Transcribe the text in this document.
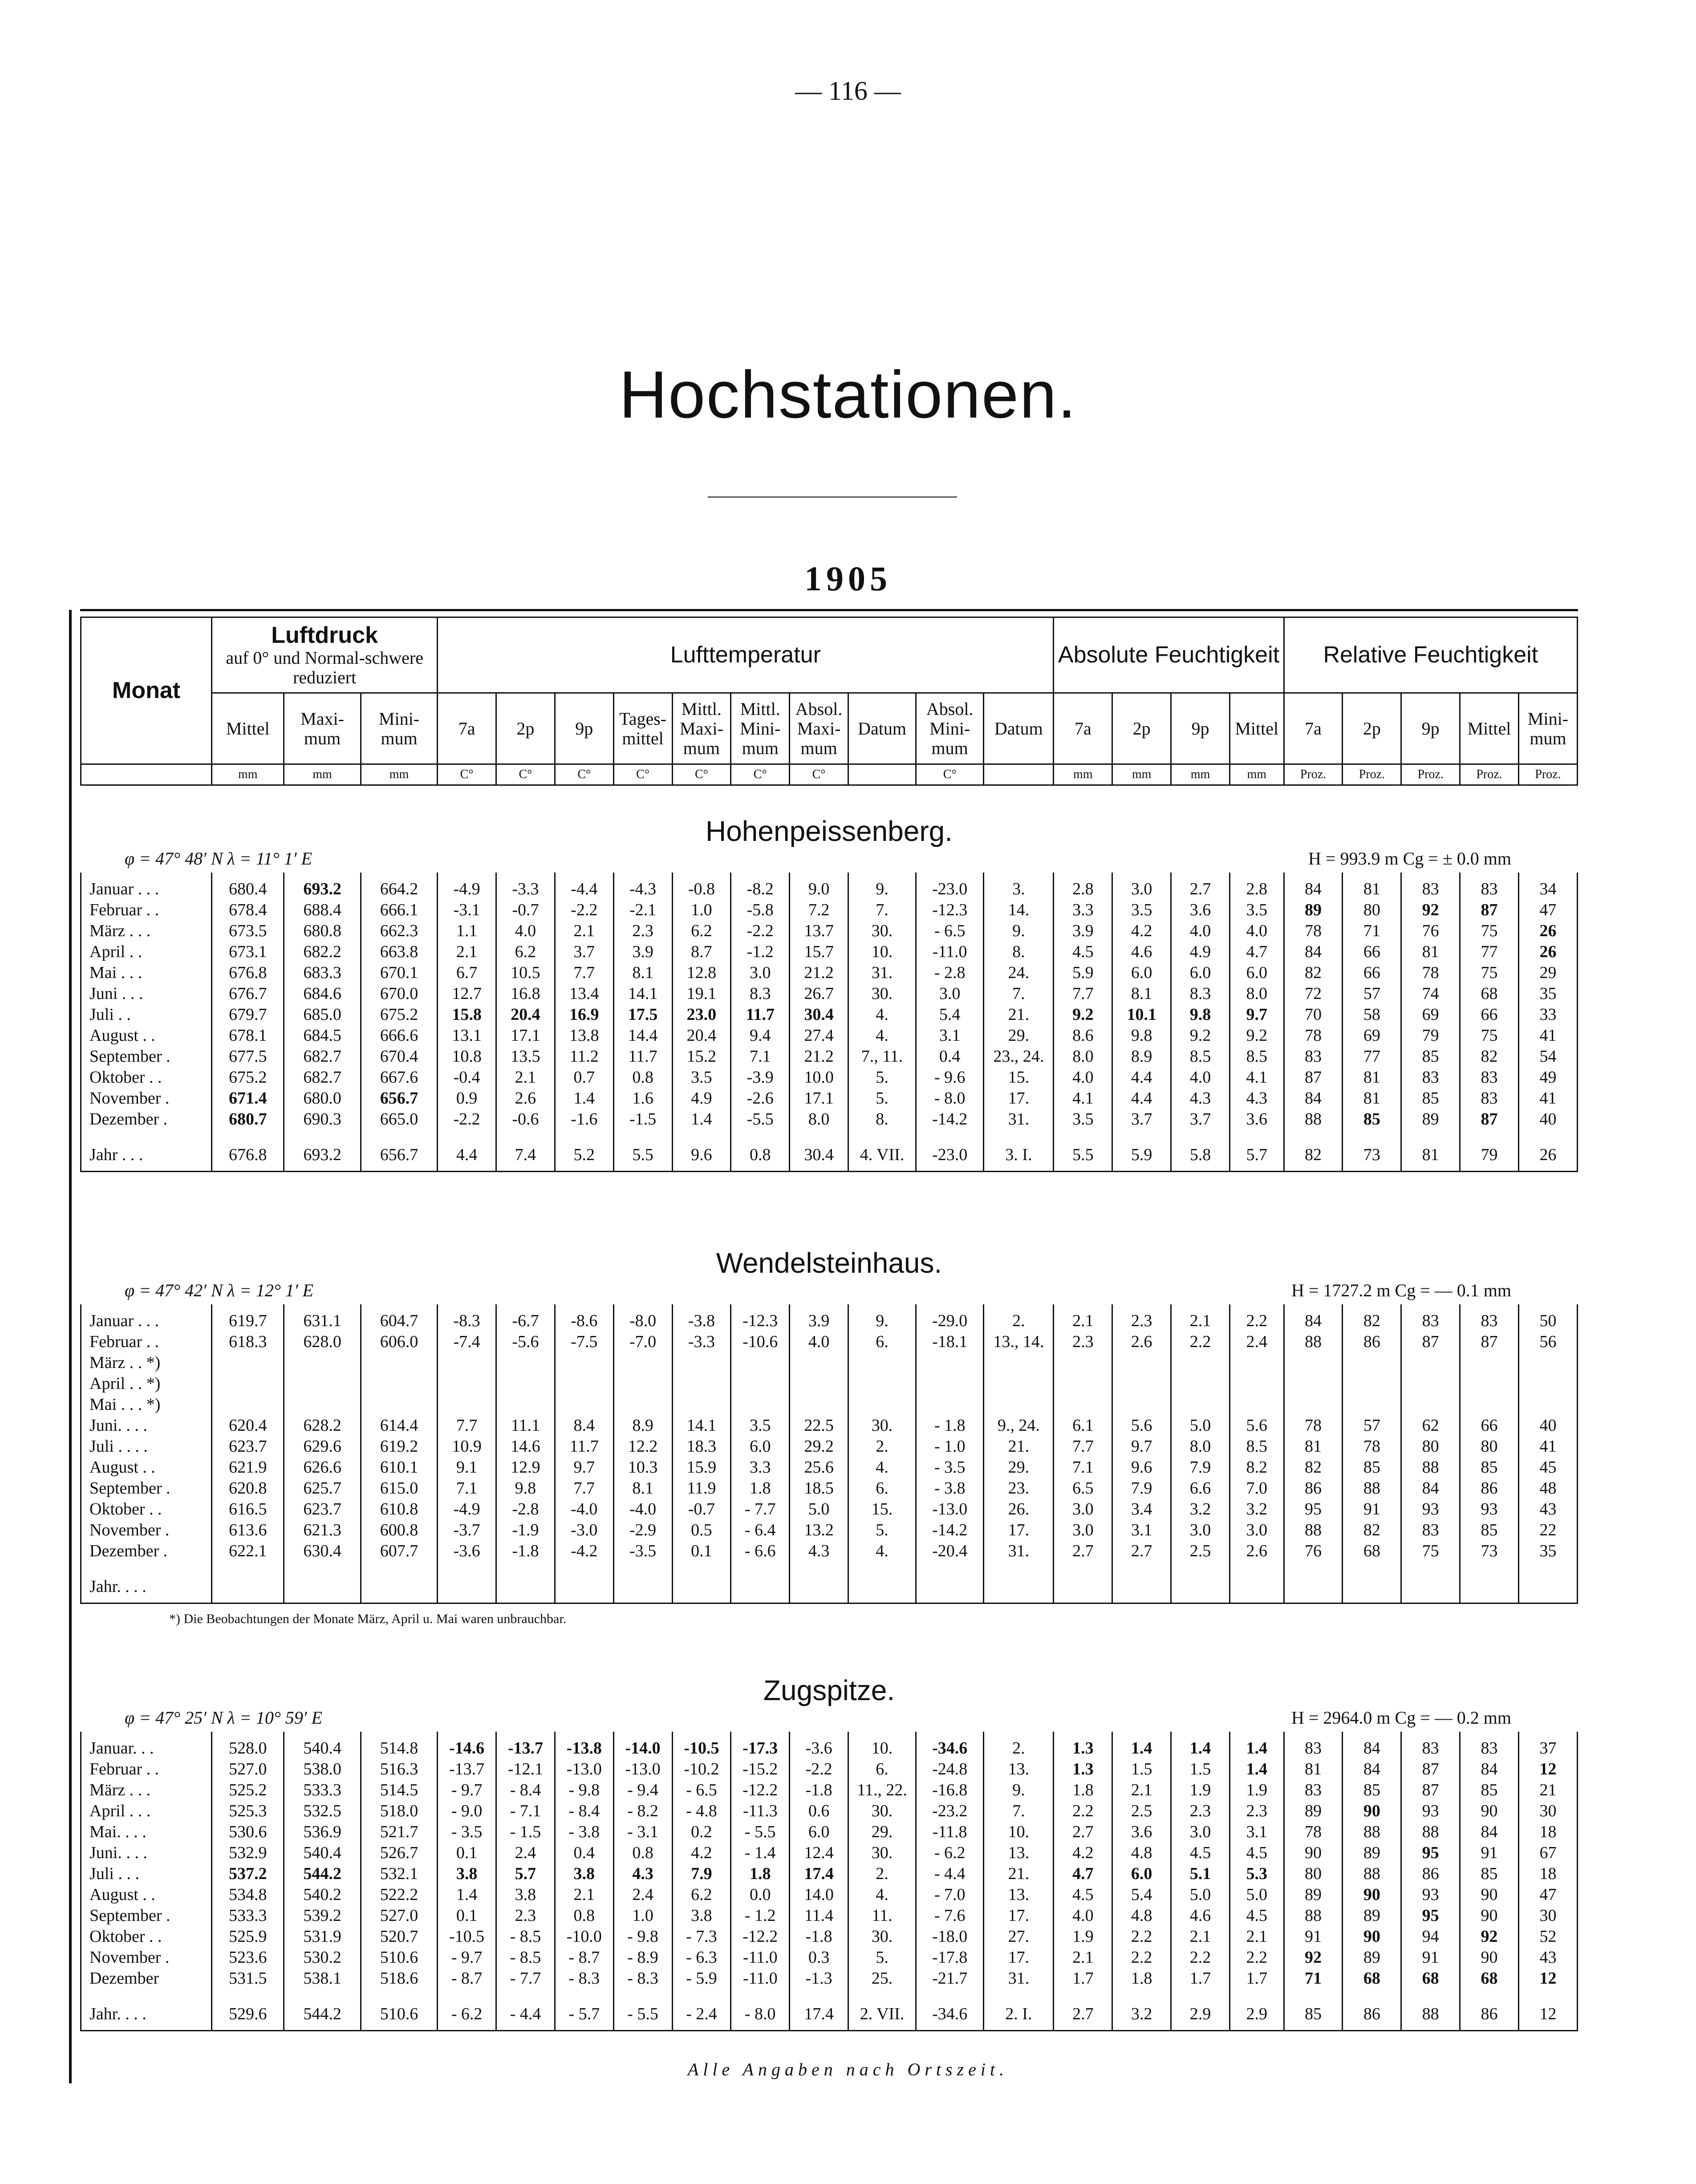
— 116 —
Hochstationen.
1905
Monat	Luftdruck
auf 0° und Normal-schwere reduziert			Lufttemperatur										Absolute Feuchtigkeit				Relative Feuchtigkeit				
	Mittel	Maxi-mum	Mini-mum	7a	2p	9p	Tages-mittel	Mittl. Maxi-mum	Mittl. Mini-mum	Absol. Maxi-mum	Datum	Absol. Mini-mum	Datum	7a	2p	9p	Mittel	7a	2p	9p	Mittel	Mini-mum
	mm	mm	mm	C°	C°	C°	C°	C°	C°	C°		C°		mm	mm	mm	mm	Proz.	Proz.	Proz.	Proz.	Proz.
Hohenpeissenberg.
φ = 47° 48′ N λ = 11° 1′ E	H = 993.9 m Cg = ± 0.0 mm
Januar . . .	680.4	693.2	664.2	-4.9	-3.3	-4.4	-4.3	-0.8	-8.2	9.0	9.	-23.0	3.	2.8	3.0	2.7	2.8	84	81	83	83	34
Februar . .	678.4	688.4	666.1	-3.1	-0.7	-2.2	-2.1	1.0	-5.8	7.2	7.	-12.3	14.	3.3	3.5	3.6	3.5	89	80	92	87	47
März . . .	673.5	680.8	662.3	1.1	4.0	2.1	2.3	6.2	-2.2	13.7	30.	- 6.5	9.	3.9	4.2	4.0	4.0	78	71	76	75	26
April . .	673.1	682.2	663.8	2.1	6.2	3.7	3.9	8.7	-1.2	15.7	10.	-11.0	8.	4.5	4.6	4.9	4.7	84	66	81	77	26
Mai . . .	676.8	683.3	670.1	6.7	10.5	7.7	8.1	12.8	3.0	21.2	31.	- 2.8	24.	5.9	6.0	6.0	6.0	82	66	78	75	29
Juni . . .	676.7	684.6	670.0	12.7	16.8	13.4	14.1	19.1	8.3	26.7	30.	3.0	7.	7.7	8.1	8.3	8.0	72	57	74	68	35
Juli . .	679.7	685.0	675.2	15.8	20.4	16.9	17.5	23.0	11.7	30.4	4.	5.4	21.	9.2	10.1	9.8	9.7	70	58	69	66	33
August . .	678.1	684.5	666.6	13.1	17.1	13.8	14.4	20.4	9.4	27.4	4.	3.1	29.	8.6	9.8	9.2	9.2	78	69	79	75	41
September .	677.5	682.7	670.4	10.8	13.5	11.2	11.7	15.2	7.1	21.2	7., 11.	0.4	23., 24.	8.0	8.9	8.5	8.5	83	77	85	82	54
Oktober . .	675.2	682.7	667.6	-0.4	2.1	0.7	0.8	3.5	-3.9	10.0	5.	- 9.6	15.	4.0	4.4	4.0	4.1	87	81	83	83	49
November .	671.4	680.0	656.7	0.9	2.6	1.4	1.6	4.9	-2.6	17.1	5.	- 8.0	17.	4.1	4.4	4.3	4.3	84	81	85	83	41
Dezember .	680.7	690.3	665.0	-2.2	-0.6	-1.6	-1.5	1.4	-5.5	8.0	8.	-14.2	31.	3.5	3.7	3.7	3.6	88	85	89	87	40

Jahr . . .	676.8	693.2	656.7	4.4	7.4	5.2	5.5	9.6	0.8	30.4	4. VII.	-23.0	3. I.	5.5	5.9	5.8	5.7	82	73	81	79	26
Wendelsteinhaus.
φ = 47° 42′ N λ = 12° 1′ E	H = 1727.2 m Cg = — 0.1 mm
Januar . . .	619.7	631.1	604.7	-8.3	-6.7	-8.6	-8.0	-3.8	-12.3	3.9	9.	-29.0	2.	2.1	2.3	2.1	2.2	84	82	83	83	50
Februar . .	618.3	628.0	606.0	-7.4	-5.6	-7.5	-7.0	-3.3	-10.6	4.0	6.	-18.1	13., 14.	2.3	2.6	2.2	2.4	88	86	87	87	56
März . . *)																						
April . . *)																						
Mai . . . *)																						
Juni. . . .	620.4	628.2	614.4	7.7	11.1	8.4	8.9	14.1	3.5	22.5	30.	- 1.8	9., 24.	6.1	5.6	5.0	5.6	78	57	62	66	40
Juli . . . .	623.7	629.6	619.2	10.9	14.6	11.7	12.2	18.3	6.0	29.2	2.	- 1.0	21.	7.7	9.7	8.0	8.5	81	78	80	80	41
August . .	621.9	626.6	610.1	9.1	12.9	9.7	10.3	15.9	3.3	25.6	4.	- 3.5	29.	7.1	9.6	7.9	8.2	82	85	88	85	45
September .	620.8	625.7	615.0	7.1	9.8	7.7	8.1	11.9	1.8	18.5	6.	- 3.8	23.	6.5	7.9	6.6	7.0	86	88	84	86	48
Oktober . .	616.5	623.7	610.8	-4.9	-2.8	-4.0	-4.0	-0.7	- 7.7	5.0	15.	-13.0	26.	3.0	3.4	3.2	3.2	95	91	93	93	43
November .	613.6	621.3	600.8	-3.7	-1.9	-3.0	-2.9	0.5	- 6.4	13.2	5.	-14.2	17.	3.0	3.1	3.0	3.0	88	82	83	85	22
Dezember .	622.1	630.4	607.7	-3.6	-1.8	-4.2	-3.5	0.1	- 6.6	4.3	4.	-20.4	31.	2.7	2.7	2.5	2.6	76	68	75	73	35

Jahr. . . .																						
*) Die Beobachtungen der Monate März, April u. Mai waren unbrauchbar.
Zugspitze.
φ = 47° 25′ N λ = 10° 59′ E	H = 2964.0 m Cg = — 0.2 mm
Januar. . .	528.0	540.4	514.8	-14.6	-13.7	-13.8	-14.0	-10.5	-17.3	-3.6	10.	-34.6	2.	1.3	1.4	1.4	1.4	83	84	83	83	37
Februar . .	527.0	538.0	516.3	-13.7	-12.1	-13.0	-13.0	-10.2	-15.2	-2.2	6.	-24.8	13.	1.3	1.5	1.5	1.4	81	84	87	84	12
März . . .	525.2	533.3	514.5	- 9.7	- 8.4	- 9.8	- 9.4	- 6.5	-12.2	-1.8	11., 22.	-16.8	9.	1.8	2.1	1.9	1.9	83	85	87	85	21
April . . .	525.3	532.5	518.0	- 9.0	- 7.1	- 8.4	- 8.2	- 4.8	-11.3	0.6	30.	-23.2	7.	2.2	2.5	2.3	2.3	89	90	93	90	30
Mai. . . .	530.6	536.9	521.7	- 3.5	- 1.5	- 3.8	- 3.1	0.2	- 5.5	6.0	29.	-11.8	10.	2.7	3.6	3.0	3.1	78	88	88	84	18
Juni. . . .	532.9	540.4	526.7	0.1	2.4	0.4	0.8	4.2	- 1.4	12.4	30.	- 6.2	13.	4.2	4.8	4.5	4.5	90	89	95	91	67
Juli . . .	537.2	544.2	532.1	3.8	5.7	3.8	4.3	7.9	1.8	17.4	2.	- 4.4	21.	4.7	6.0	5.1	5.3	80	88	86	85	18
August . .	534.8	540.2	522.2	1.4	3.8	2.1	2.4	6.2	0.0	14.0	4.	- 7.0	13.	4.5	5.4	5.0	5.0	89	90	93	90	47
September .	533.3	539.2	527.0	0.1	2.3	0.8	1.0	3.8	- 1.2	11.4	11.	- 7.6	17.	4.0	4.8	4.6	4.5	88	89	95	90	30
Oktober . .	525.9	531.9	520.7	-10.5	- 8.5	-10.0	- 9.8	- 7.3	-12.2	-1.8	30.	-18.0	27.	1.9	2.2	2.1	2.1	91	90	94	92	52
November .	523.6	530.2	510.6	- 9.7	- 8.5	- 8.7	- 8.9	- 6.3	-11.0	0.3	5.	-17.8	17.	2.1	2.2	2.2	2.2	92	89	91	90	43
Dezember	531.5	538.1	518.6	- 8.7	- 7.7	- 8.3	- 8.3	- 5.9	-11.0	-1.3	25.	-21.7	31.	1.7	1.8	1.7	1.7	71	68	68	68	12

Jahr. . . .	529.6	544.2	510.6	- 6.2	- 4.4	- 5.7	- 5.5	- 2.4	- 8.0	17.4	2. VII.	-34.6	2. I.	2.7	3.2	2.9	2.9	85	86	88	86	12
Alle Angaben nach Ortszeit.
